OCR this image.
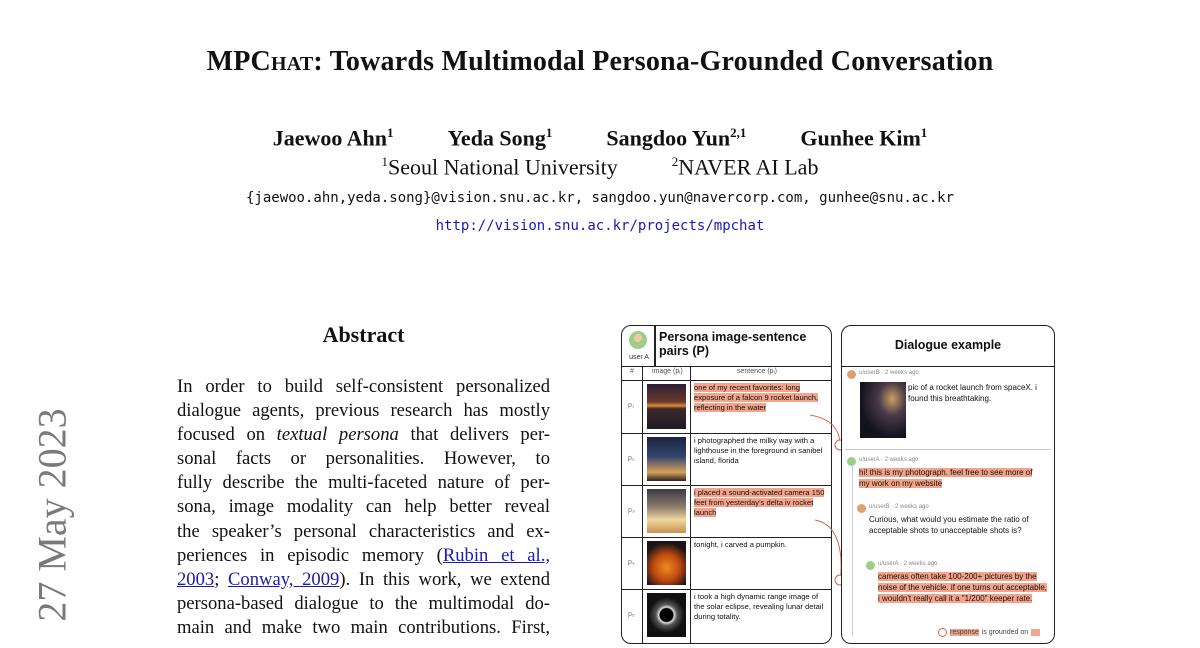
MPChat: Towards Multimodal Persona-Grounded Conversation
Jaewoo Ahn$^1$ Yeda Song$^1$ Sangdoo Yun$^{2,1}$ Gunhee Kim$^1$
$^1$Seoul National University	$^2$NAVER AI Lab
{jaewoo.ahn,yeda.song}@vision.snu.ac.kr, sangdoo.yun@navercorp.com, gunhee@snu.ac.kr
http://vision.snu.ac.kr/projects/mpchat
27 May 2023
Abstract
In order to build self-consistent personalized
dialogue agents, previous research has mostly
focused on textual persona that delivers per-
sonal facts or personalities. However, to
fully describe the multi-faceted nature of per-
sona, image modality can help better reveal
the speaker’s personal characteristics and ex-
periences in episodic memory (Rubin et al.,
2003; Conway, 2009). In this work, we extend
persona-based dialogue to the multimodal do-
main and make two main contributions. First,
user A
Persona image-sentence
pairs (P)
#	image (pᵢ)	sentence (pᵢ)
p₁
one of my recent favorites: long exposure of a falcon 9 rocket launch, reflecting in the water
p₂
i photographed the milky way with a lighthouse in the foreground in sanibel island, florida
p₃
i placed a sound-activated camera 150 feet from yesterday’s delta iv rocket launch
p₄
tonight, i carved a pumpkin.
p₅
i took a high dynamic range image of the solar eclipse, revealing lunar detail during totality.
Dialogue example
u/userB · 2 weeks ago
pic of a rocket launch from spaceX. i found this breathtaking.
u/userA · 2 weeks ago
hi! this is my photograph. feel free to see more of my work on my website
u/userB · 2 weeks ago
Curious, what would you estimate the ratio of acceptable shots to unacceptable shots is?
u/userA · 2 weeks ago
cameras often take 100-200+ pictures by the noise of the vehicle. if one turns out acceptable, i wouldn't really call it a "1/200" keeper rate.
response is grounded on
